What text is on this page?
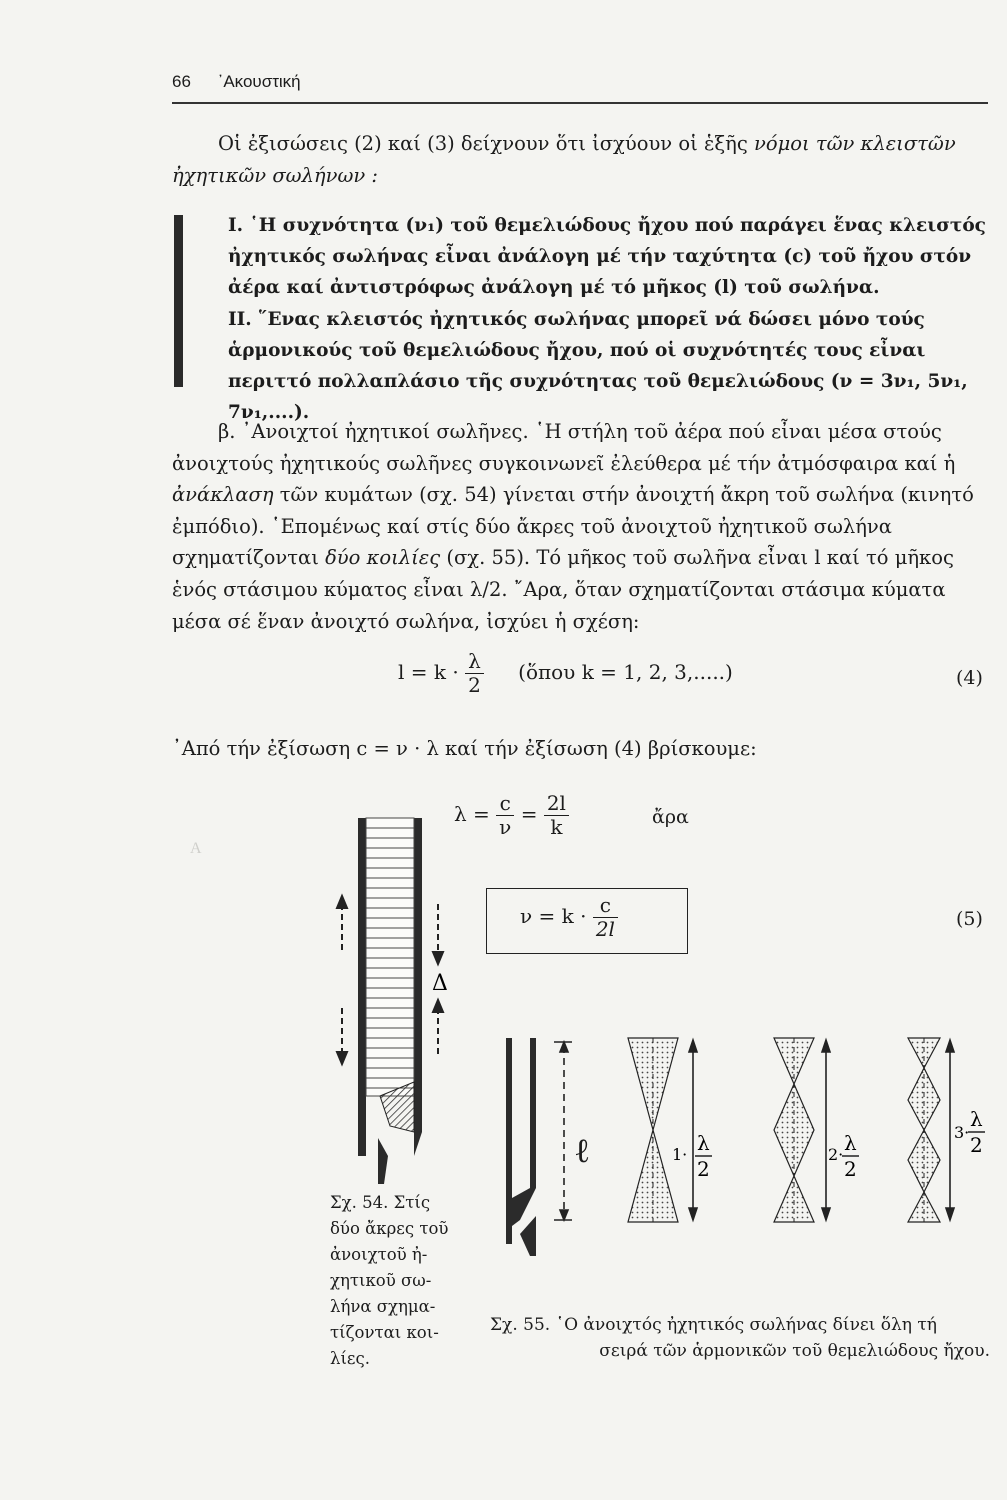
A
66 ᾿Ακουστική
Οἱ ἐξισώσεις (2) καί (3) δείχνουν ὅτι ἰσχύουν οἱ ἑξῆς νόμοι τῶν κλειστῶν ἠχητικῶν σωλήνων :
I. ῾Η συχνότητα (ν₁) τοῦ θεμελιώδους ἤχου πού παράγει ἕνας κλειστός ἠχητικός σωλήνας εἶναι ἀνάλογη μέ τήν ταχύτητα (c) τοῦ ἤχου στόν ἀέρα καί ἀντιστρόφως ἀνάλογη μέ τό μῆκος (l) τοῦ σωλήνα.
II. ῞Ενας κλειστός ἠχητικός σωλήνας μπορεῖ νά δώσει μόνο τούς ἁρμονικούς τοῦ θεμελιώδους ἤχου, πού οἱ συχνότητές τους εἶναι περιττό πολλαπλάσιο τῆς συχνότητας τοῦ θεμελιώδους (ν = 3ν₁, 5ν₁, 7ν₁,....).
β. ᾿Ανοιχτοί ἠχητικοί σωλῆνες. ῾Η στήλη τοῦ ἀέρα πού εἶναι μέσα στούς ἀνοιχτούς ἠχητικούς σωλῆνες συγκοινωνεῖ ἐλεύθερα μέ τήν ἀτμόσφαιρα καί ἡ ἀνάκλαση τῶν κυμάτων (σχ. 54) γίνεται στήν ἀνοιχτή ἄκρη τοῦ σωλήνα (κινητό ἐμπόδιο). ῾Επομένως καί στίς δύο ἄκρες τοῦ ἀνοιχτοῦ ἠχητικοῦ σωλήνα σχηματίζονται δύο κοιλίες (σχ. 55). Τό μῆκος τοῦ σωλῆνα εἶναι l καί τό μῆκος ἑνός στάσιμου κύματος εἶναι λ/2. ῎Αρα, ὅταν σχηματίζονται στάσιμα κύματα μέσα σέ ἕναν ἀνοιχτό σωλήνα, ἰσχύει ἡ σχέση:
$l = k \cdot \frac{\lambda}{2}$ (ὅπου k = 1, 2, 3,.....)	(4)
᾿Από τήν ἐξίσωση c = ν · λ καί τήν ἐξίσωση (4) βρίσκουμε:
$\lambda = \frac{c}{\nu} = \frac{2l}{k}$	ἄρα
$\nu = k \cdot \frac{c}{2l}$	(5)
Δ
Σχ. 54. Στίς
δύο ἄκρες τοῦ
ἀνοιχτοῦ ἠ-
χητικοῦ σω-
λήνα σχημα-
τίζονται κοι-
λίες.
ℓ	1· λ
2
2· λ
2
3·
λ
2
Σχ. 55. ῾Ο ἀνοιχτός ἠχητικός σωλήνας δίνει ὅλη τή
σειρά τῶν ἁρμονικῶν τοῦ θεμελιώδους ἤχου.
